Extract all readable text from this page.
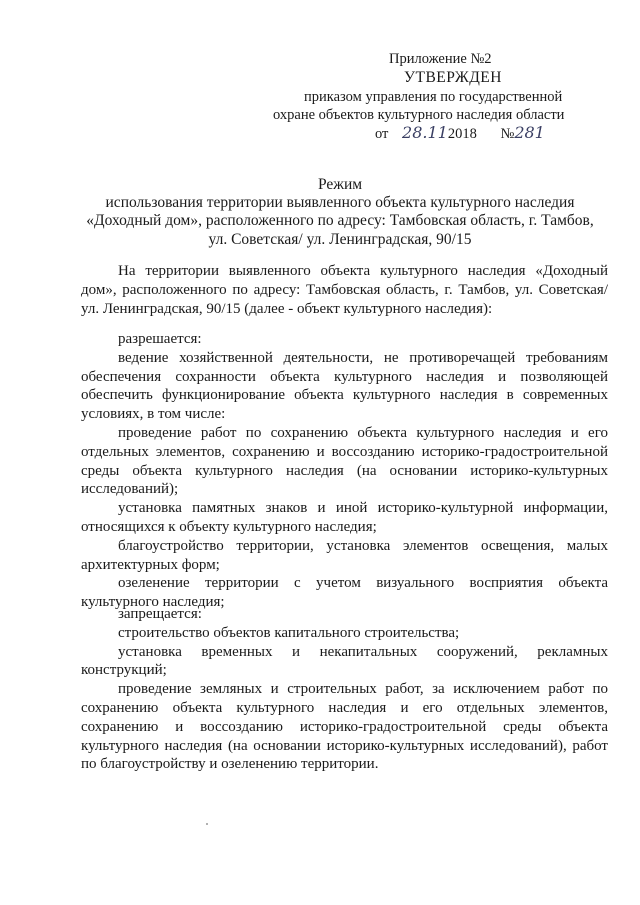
Приложение №2
УТВЕРЖДЕН
приказом управления по государственной
охране объектов культурного наследия области
от 28.112018 №281
Режим
использования территории выявленного объекта культурного наследия
«Доходный дом», расположенного по адресу: Тамбовская область, г. Тамбов,
ул. Советская/ ул. Ленинградская, 90/15

На территории выявленного объекта культурного наследия «Доходный дом», расположенного по адресу: Тамбовская область, г. Тамбов, ул. Советская/ ул. Ленинградская, 90/15 (далее - объект культурного наследия):

разрешается:

ведение хозяйственной деятельности, не противоречащей требованиям обеспечения сохранности объекта культурного наследия и позволяющей обеспечить функционирование объекта культурного наследия в современных условиях, в том числе:

проведение работ по сохранению объекта культурного наследия и его отдельных элементов, сохранению и воссозданию историко-градостроительной среды объекта культурного наследия (на основании историко-культурных исследований);

установка памятных знаков и иной историко-культурной информации, относящихся к объекту культурного наследия;

благоустройство территории, установка элементов освещения, малых архитектурных форм;

озеленение территории с учетом визуального восприятия объекта культурного наследия;

запрещается:

строительство объектов капитального строительства;

установка временных и некапитальных сооружений, рекламных конструкций;

проведение земляных и строительных работ, за исключением работ по сохранению объекта культурного наследия и его отдельных элементов, сохранению и воссозданию историко-градостроительной среды объекта культурного наследия (на основании историко-культурных исследований), работ по благоустройству и озеленению территории.
